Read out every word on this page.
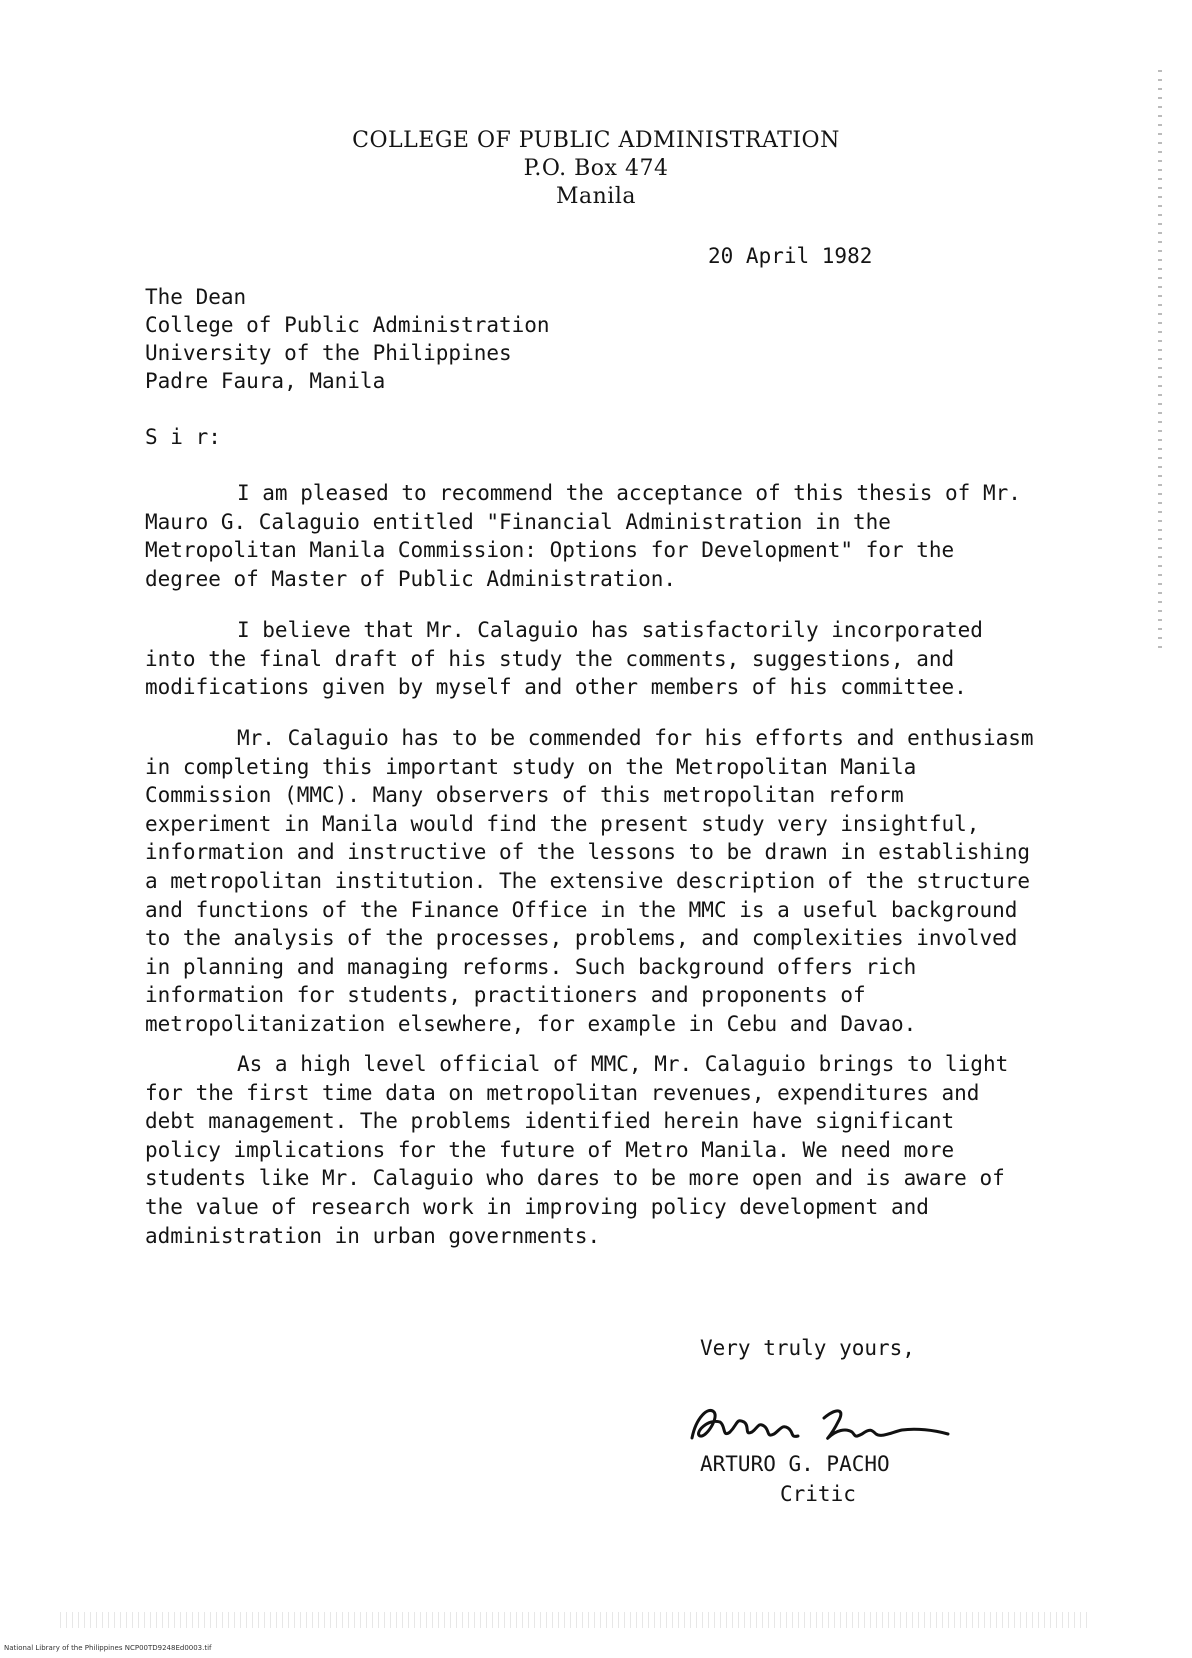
COLLEGE OF PUBLIC ADMINISTRATION
P.O. Box 474
Manila
20 April 1982
The Dean
College of Public Administration
University of the Philippines
Padre Faura, Manila
S i r:

I am pleased to recommend the acceptance of this thesis of Mr. Mauro G. Calaguio entitled "Financial Administration in the Metropolitan Manila Commission: Options for Development" for the degree of Master of Public Administration.

I believe that Mr. Calaguio has satisfactorily incorporated into the final draft of his study the comments, suggestions, and modifications given by myself and other members of his committee.

Mr. Calaguio has to be commended for his efforts and enthusiasm in completing this important study on the Metropolitan Manila Commission (MMC). Many observers of this metropolitan reform experiment in Manila would find the present study very insightful, information and instructive of the lessons to be drawn in establishing a metropolitan institution. The extensive description of the structure and functions of the Finance Office in the MMC is a useful background to the analysis of the processes, problems, and complexities involved in planning and managing reforms. Such background offers rich information for students, practitioners and proponents of metropolitanization elsewhere, for example in Cebu and Davao.

As a high level official of MMC, Mr. Calaguio brings to light for the first time data on metropolitan revenues, expenditures and debt management. The problems identified herein have significant policy implications for the future of Metro Manila. We need more students like Mr. Calaguio who dares to be more open and is aware of the value of research work in improving policy development and administration in urban governments.

Very truly yours,
ARTURO G. PACHO
Critic
National Library of the Philippines NCP00TD9248Ed0003.tif
